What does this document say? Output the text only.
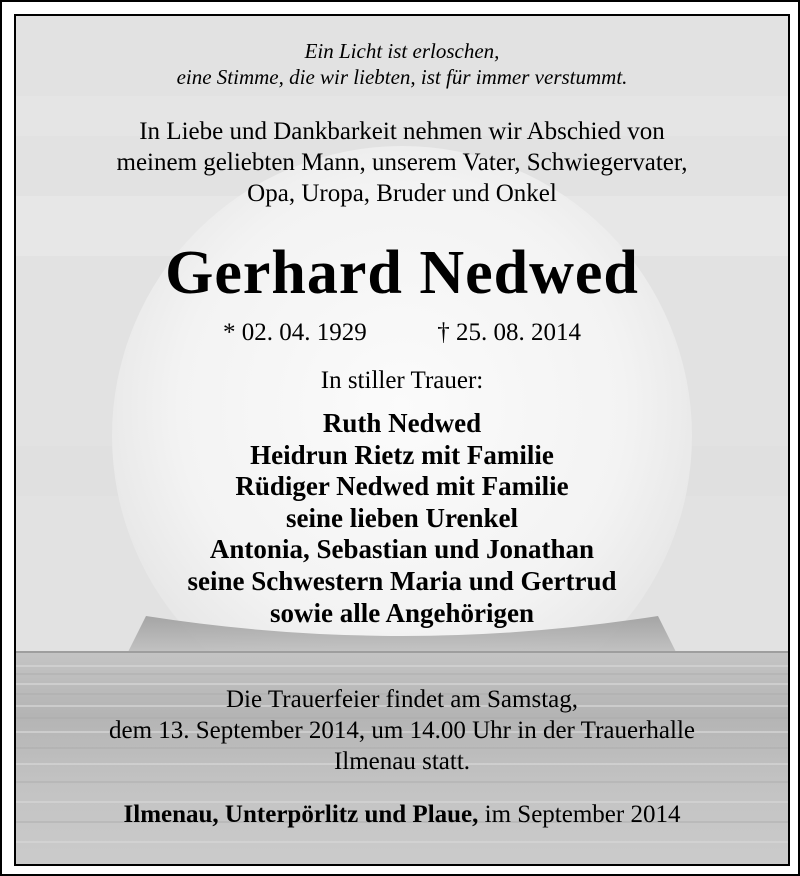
Ein Licht ist erloschen,
eine Stimme, die wir liebten, ist für immer verstummt.
In Liebe und Dankbarkeit nehmen wir Abschied von
meinem geliebten Mann, unserem Vater, Schwiegervater,
Opa, Uropa, Bruder und Onkel
Gerhard Nedwed
* 02. 04. 1929	† 25. 08. 2014
In stiller Trauer:
Ruth Nedwed
Heidrun Rietz mit Familie
Rüdiger Nedwed mit Familie
seine lieben Urenkel
Antonia, Sebastian und Jonathan
seine Schwestern Maria und Gertrud
sowie alle Angehörigen
Die Trauerfeier findet am Samstag,
dem 13. September 2014, um 14.00 Uhr in der Trauerhalle
Ilmenau statt.
Ilmenau, Unterpörlitz und Plaue, im September 2014
